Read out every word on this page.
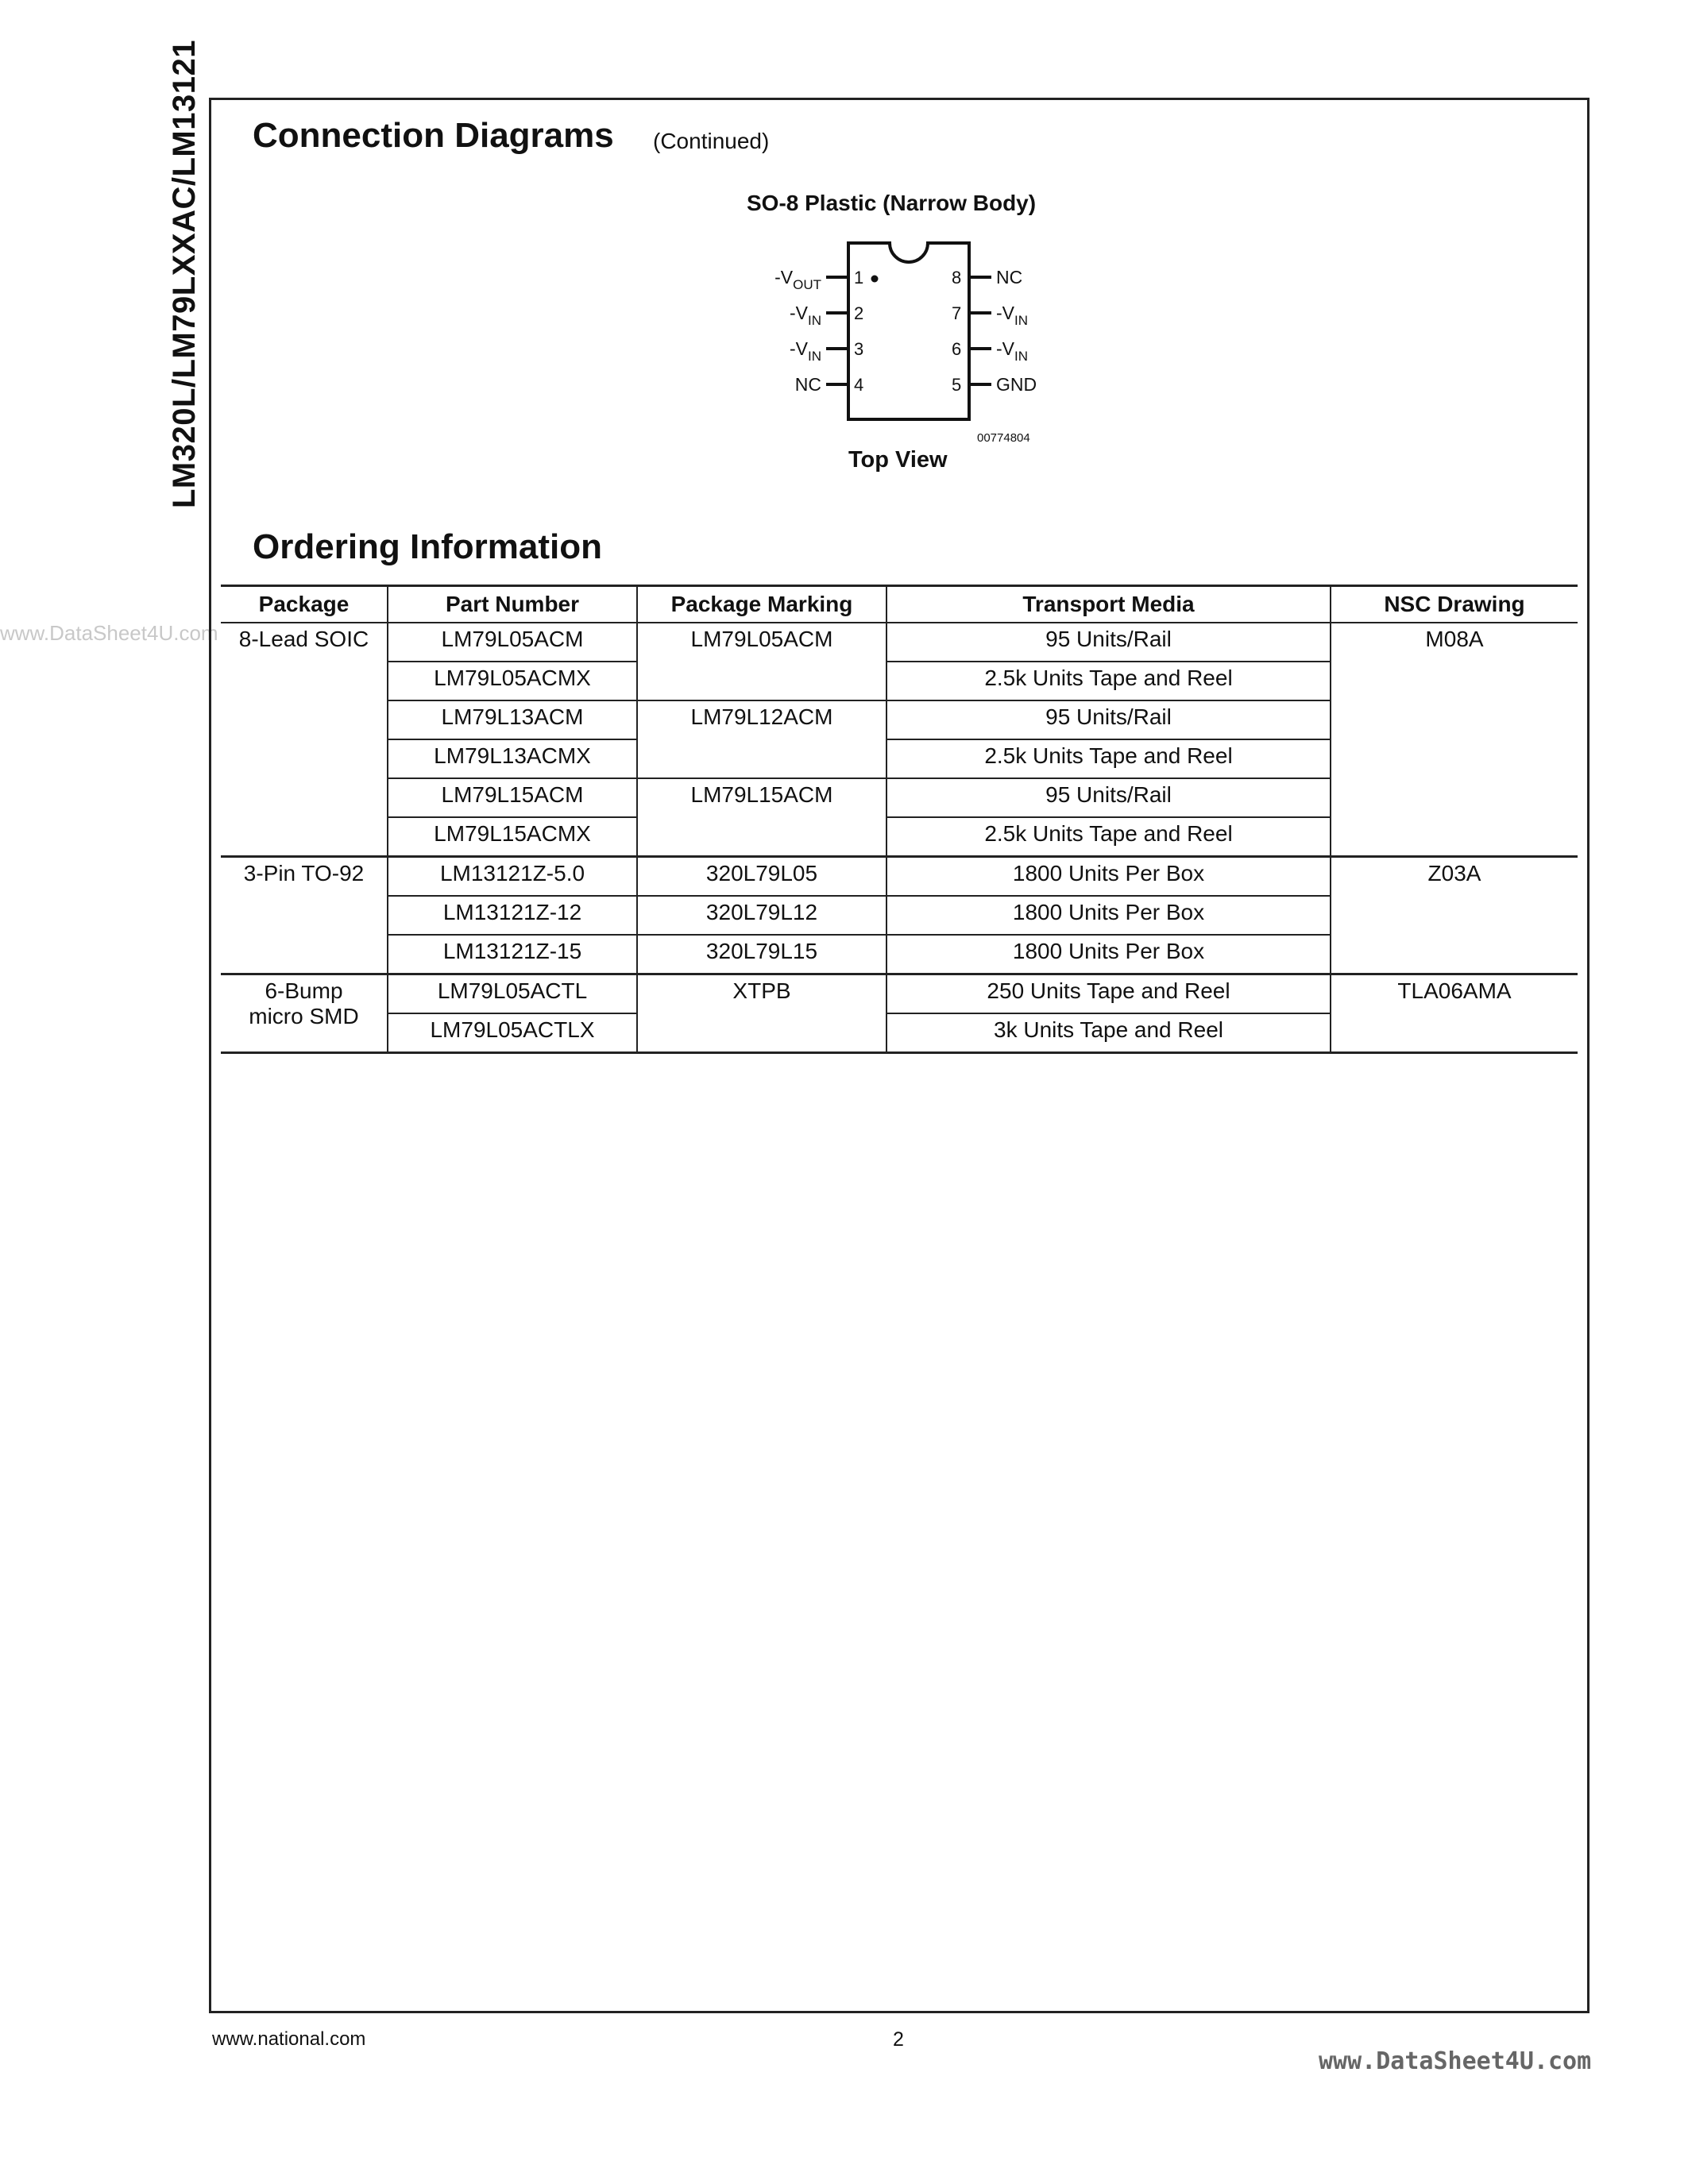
LM320L/LM79LXXAC/LM13121
www.DataSheet4U.com
Connection Diagrams (Continued)
SO-8 Plastic (Narrow Body)
1
2
3
4
8
7
6
5
$-V_{OUT}$
$-V_{IN}$
$-V_{IN}$
NC
NC
$-V_{IN}$
$-V_{IN}$
GND
00774804
Top View
Ordering Information
Package	Part Number	Package Marking	Transport Media	NSC Drawing
8-Lead SOIC	LM79L05ACM	LM79L05ACM	95 Units/Rail	M08A
	LM79L05ACMX		2.5k Units Tape and Reel	
	LM79L13ACM	LM79L12ACM	95 Units/Rail	
	LM79L13ACMX		2.5k Units Tape and Reel	
	LM79L15ACM	LM79L15ACM	95 Units/Rail	
	LM79L15ACMX		2.5k Units Tape and Reel	
3-Pin TO-92	LM13121Z-5.0	320L79L05	1800 Units Per Box	Z03A
	LM13121Z-12	320L79L12	1800 Units Per Box	
	LM13121Z-15	320L79L15	1800 Units Per Box	

6-Bump
micro SMD	LM79L05ACTL	XTPB	250 Units Tape and Reel	TLA06AMA
	LM79L05ACTLX		3k Units Tape and Reel	
www.national.com	2
www.DataSheet4U.com
